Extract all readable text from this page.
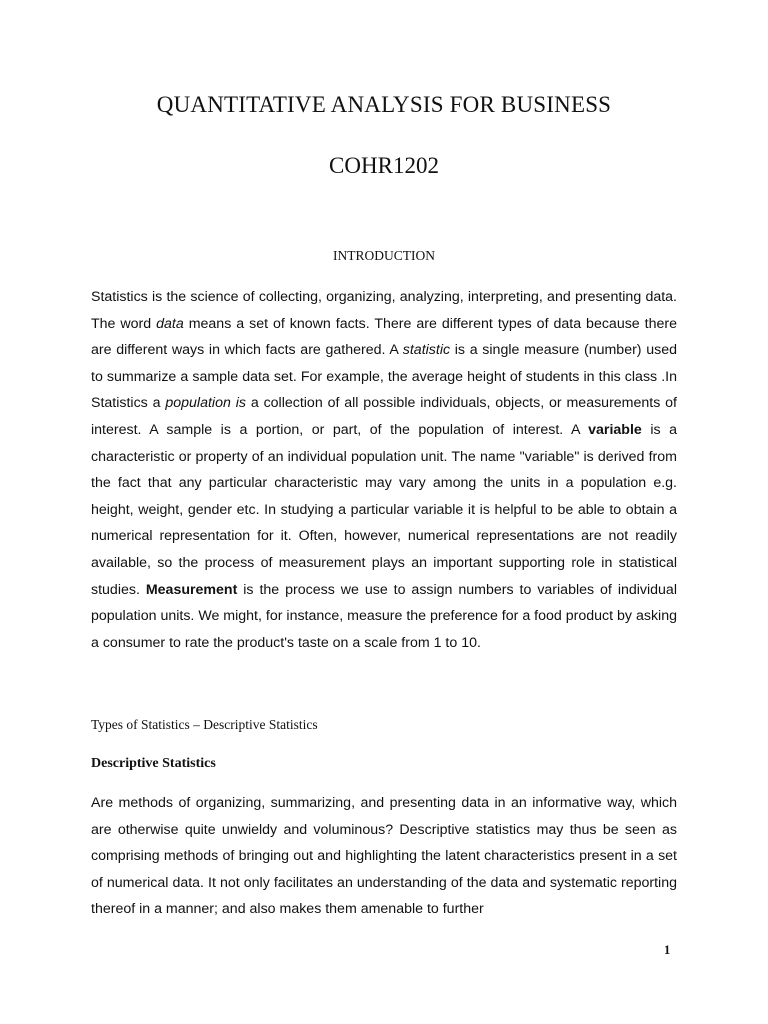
QUANTITATIVE ANALYSIS FOR BUSINESS
COHR1202
INTRODUCTION

Statistics is the science of collecting, organizing, analyzing, interpreting, and presenting data. The word data means a set of known facts. There are different types of data because there are different ways in which facts are gathered. A statistic is a single measure (number) used to summarize a sample data set. For example, the average height of students in this class .In Statistics a population is a collection of all possible individuals, objects, or measurements of interest. A sample is a portion, or part, of the population of interest. A variable is a characteristic or property of an individual population unit. The name "variable" is derived from the fact that any particular characteristic may vary among the units in a population e.g. height, weight, gender etc. In studying a particular variable it is helpful to be able to obtain a numerical representation for it. Often, however, numerical representations are not readily available, so the process of measurement plays an important supporting role in statistical studies. Measurement is the process we use to assign numbers to variables of individual population units. We might, for instance, measure the preference for a food product by asking a consumer to rate the product's taste on a scale from 1 to 10.

Types of Statistics – Descriptive Statistics

Descriptive Statistics

Are methods of organizing, summarizing, and presenting data in an informative way, which are otherwise quite unwieldy and voluminous? Descriptive statistics may thus be seen as comprising methods of bringing out and highlighting the latent characteristics present in a set of numerical data. It not only facilitates an understanding of the data and systematic reporting thereof in a manner; and also makes them amenable to further

1
